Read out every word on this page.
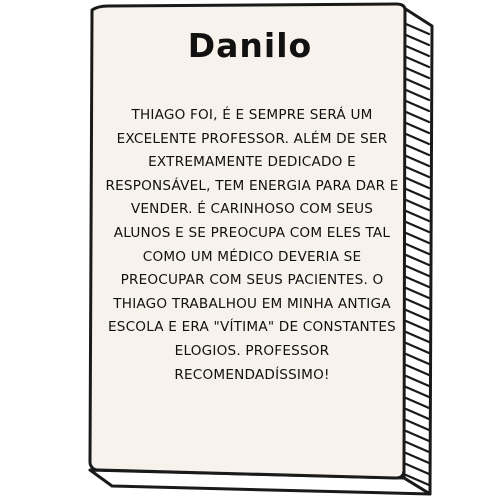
Danilo

THIAGO FOI, É E SEMPRE SERÁ UM EXCELENTE PROFESSOR. ALÉM DE SER EXTREMAMENTE DEDICADO E RESPONSÁVEL, TEM ENERGIA PARA DAR E VENDER. É CARINHOSO COM SEUS ALUNOS E SE PREOCUPA COM ELES TAL COMO UM MÉDICO DEVERIA SE PREOCUPAR COM SEUS PACIENTES. O THIAGO TRABALHOU EM MINHA ANTIGA ESCOLA E ERA "VÍTIMA" DE CONSTANTES ELOGIOS. PROFESSOR RECOMENDADÍSSIMO!
